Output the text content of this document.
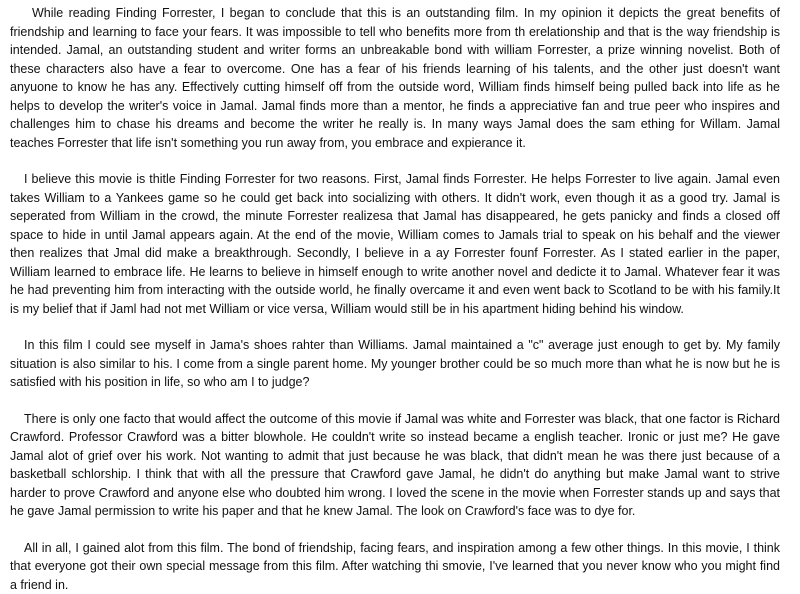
While reading Finding Forrester, I began to conclude that this is an outstanding film. In my opinion it depicts the great benefits of friendship and learning to face your fears. It was impossible to tell who benefits more from th erelationship and that is the way friendship is intended. Jamal, an outstanding student and writer forms an unbreakable bond with william Forrester, a prize winning novelist. Both of these characters also have a fear to overcome. One has a fear of his friends learning of his talents, and the other just doesn't want anyuone to know he has any. Effectively cutting himself off from the outside word, William finds himself being pulled back into life as he helps to develop the writer's voice in Jamal. Jamal finds more than a mentor, he finds a appreciative fan and true peer who inspires and challenges him to chase his dreams and become the writer he really is. In many ways Jamal does the sam ething for Willam. Jamal teaches Forrester that life isn't something you run away from, you embrace and expierance it.

I believe this movie is thitle Finding Forrester for two reasons. First, Jamal finds Forrester. He helps Forrester to live again. Jamal even takes William to a Yankees game so he could get back into socializing with others. It didn't work, even though it as a good try. Jamal is seperated from William in the crowd, the minute Forrester realizesa that Jamal has disappeared, he gets panicky and finds a closed off space to hide in until Jamal appears again. At the end of the movie, William comes to Jamals trial to speak on his behalf and the viewer then realizes that Jmal did make a breakthrough. Secondly, I believe in a ay Forrester founf Forrester. As I stated earlier in the paper, William learned to embrace life. He learns to believe in himself enough to write another novel and dedicte it to Jamal. Whatever fear it was he had preventing him from interacting with the outside world, he finally overcame it and even went back to Scotland to be with his family.It is my belief that if Jaml had not met William or vice versa, William would still be in his apartment hiding behind his window.

In this film I could see myself in Jama's shoes rahter than Williams. Jamal maintained a "c" average just enough to get by. My family situation is also similar to his. I come from a single parent home. My younger brother could be so much more than what he is now but he is satisfied with his position in life, so who am I to judge?

There is only one facto that would affect the outcome of this movie if Jamal was white and Forrester was black, that one factor is Richard Crawford. Professor Crawford was a bitter blowhole. He couldn't write so instead became a english teacher. Ironic or just me? He gave Jamal alot of grief over his work. Not wanting to admit that just because he was black, that didn't mean he was there just because of a basketball schlorship. I think that with all the pressure that Crawford gave Jamal, he didn't do anything but make Jamal want to strive harder to prove Crawford and anyone else who doubted him wrong. I loved the scene in the movie when Forrester stands up and says that he gave Jamal permission to write his paper and that he knew Jamal. The look on Crawford's face was to dye for.

All in all, I gained alot from this film. The bond of friendship, facing fears, and inspiration among a few other things. In this movie, I think that everyone got their own special message from this film. After watching thi smovie, I've learned that you never know who you might find a friend in.
